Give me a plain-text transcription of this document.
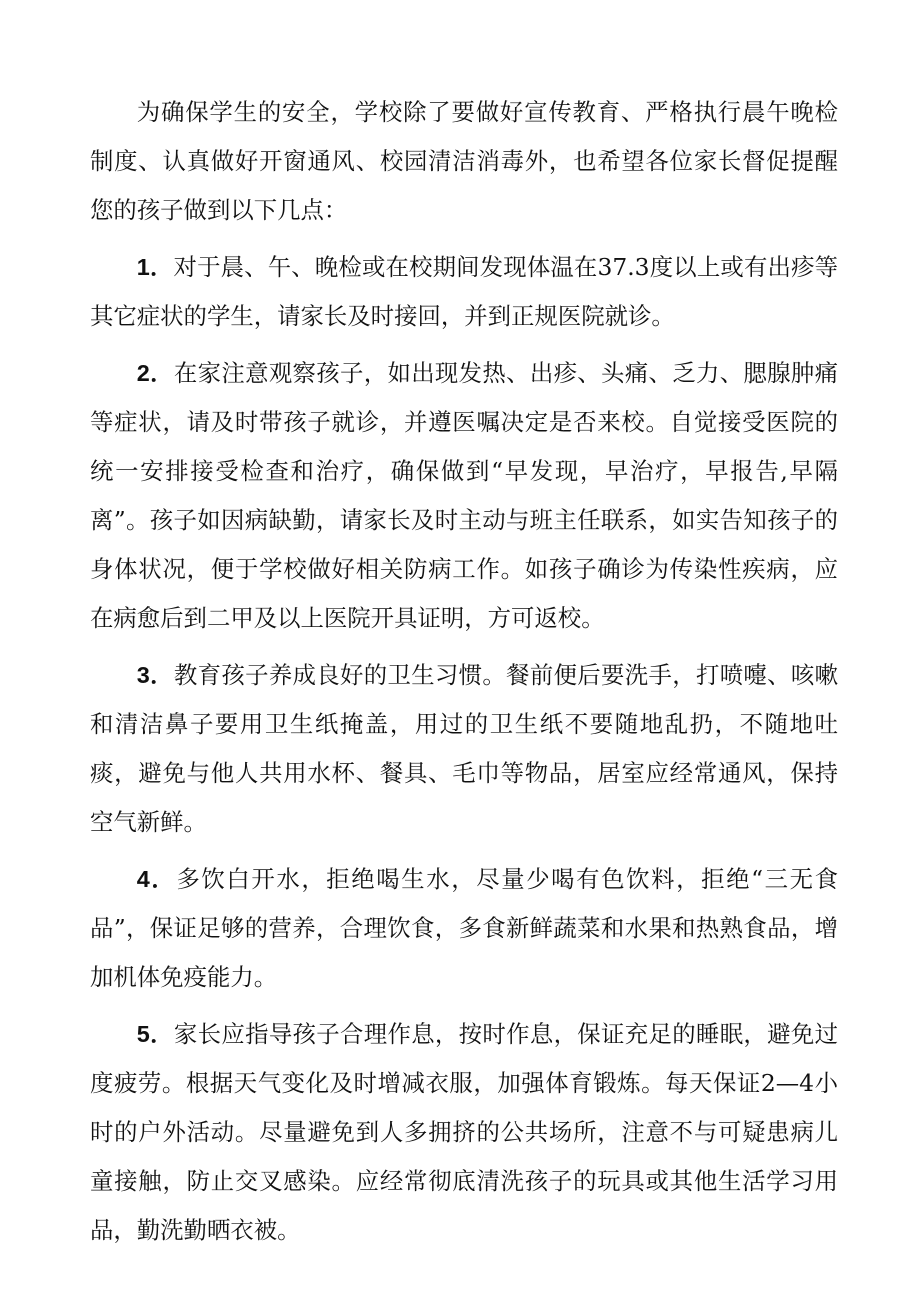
为确保学生的安全，学校除了要做好宣传教育、严格执行晨午晚检制度、认真做好开窗通风、校园清洁消毒外，也希望各位家长督促提醒您的孩子做到以下几点：

1．对于晨、午、晚检或在校期间发现体温在37.3度以上或有出疹等其它症状的学生，请家长及时接回，并到正规医院就诊。

2．在家注意观察孩子，如出现发热、出疹、头痛、乏力、腮腺肿痛等症状，请及时带孩子就诊，并遵医嘱决定是否来校。自觉接受医院的统一安排接受检查和治疗，确保做到“早发现，早治疗，早报告,早隔离”。孩子如因病缺勤，请家长及时主动与班主任联系，如实告知孩子的身体状况，便于学校做好相关防病工作。如孩子确诊为传染性疾病，应在病愈后到二甲及以上医院开具证明，方可返校。

3．教育孩子养成良好的卫生习惯。餐前便后要洗手，打喷嚏、咳嗽和清洁鼻子要用卫生纸掩盖，用过的卫生纸不要随地乱扔，不随地吐痰，避免与他人共用水杯、餐具、毛巾等物品，居室应经常通风，保持空气新鲜。

4．多饮白开水，拒绝喝生水，尽量少喝有色饮料，拒绝“三无食品”，保证足够的营养，合理饮食，多食新鲜蔬菜和水果和热熟食品，增加机体免疫能力。

5．家长应指导孩子合理作息，按时作息，保证充足的睡眠，避免过度疲劳。根据天气变化及时增减衣服，加强体育锻炼。每天保证2—4小时的户外活动。尽量避免到人多拥挤的公共场所，注意不与可疑患病儿童接触，防止交叉感染。应经常彻底清洗孩子的玩具或其他生活学习用品，勤洗勤晒衣被。
